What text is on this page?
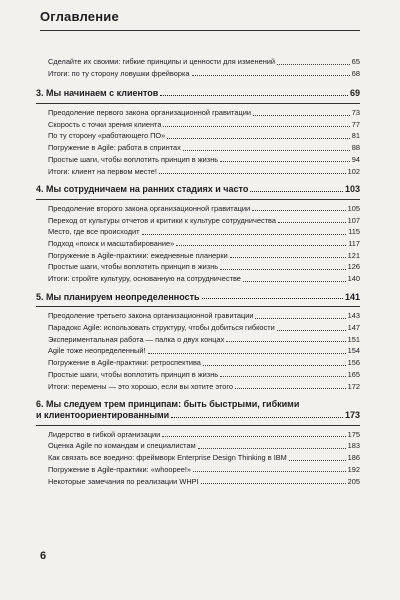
Оглавление
Сделайте их своими: гибкие принципы и ценности для изменений	65
Итоги: по ту сторону ловушки фрейворка	68
3. Мы начинаем с клиентов	69
Преодоление первого закона организационной гравитации	73
Скорость с точки зрения клиента	77
По ту сторону «работающего ПО»	81
Погружение в Agile: работа в спринтах	88
Простые шаги, чтобы воплотить принцип в жизнь	94
Итоги: клиент на первом месте!	102
4. Мы сотрудничаем на ранних стадиях и часто	103
Преодоление второго закона организационной гравитации	105
Переход от культуры отчетов и критики к культуре сотрудничества	107
Место, где все происходит	115
Подход «поиск и масштабирование»	117
Погружение в Agile-практики: ежедневные планерки	121
Простые шаги, чтобы воплотить принцип в жизнь	126
Итоги: стройте культуру, основанную на сотрудничестве	140
5. Мы планируем неопределенность	141
Преодоление третьего закона организационной гравитации	143
Парадокс Agile: использовать структуру, чтобы добиться гибкости	147
Экспериментальная работа — палка о двух концах	151
Agile тоже неопределенный!	154
Погружение в Agile-практики: ретроспектива	156
Простые шаги, чтобы воплотить принцип в жизнь	165
Итоги: перемены — это хорошо, если вы хотите этого	172
6. Мы следуем трем принципам: быть быстрыми, гибкими
и клиентоориентированными	173
Лидерство в гибкой организации	175
Оценка Agile по командам и специалистам	183
Как связать все воедино: фреймворк Enterprise Design Thinking в IBM	186
Погружение в Agile-практики: «whoopee!»	192
Некоторые замечания по реализации WHPI	205
6
